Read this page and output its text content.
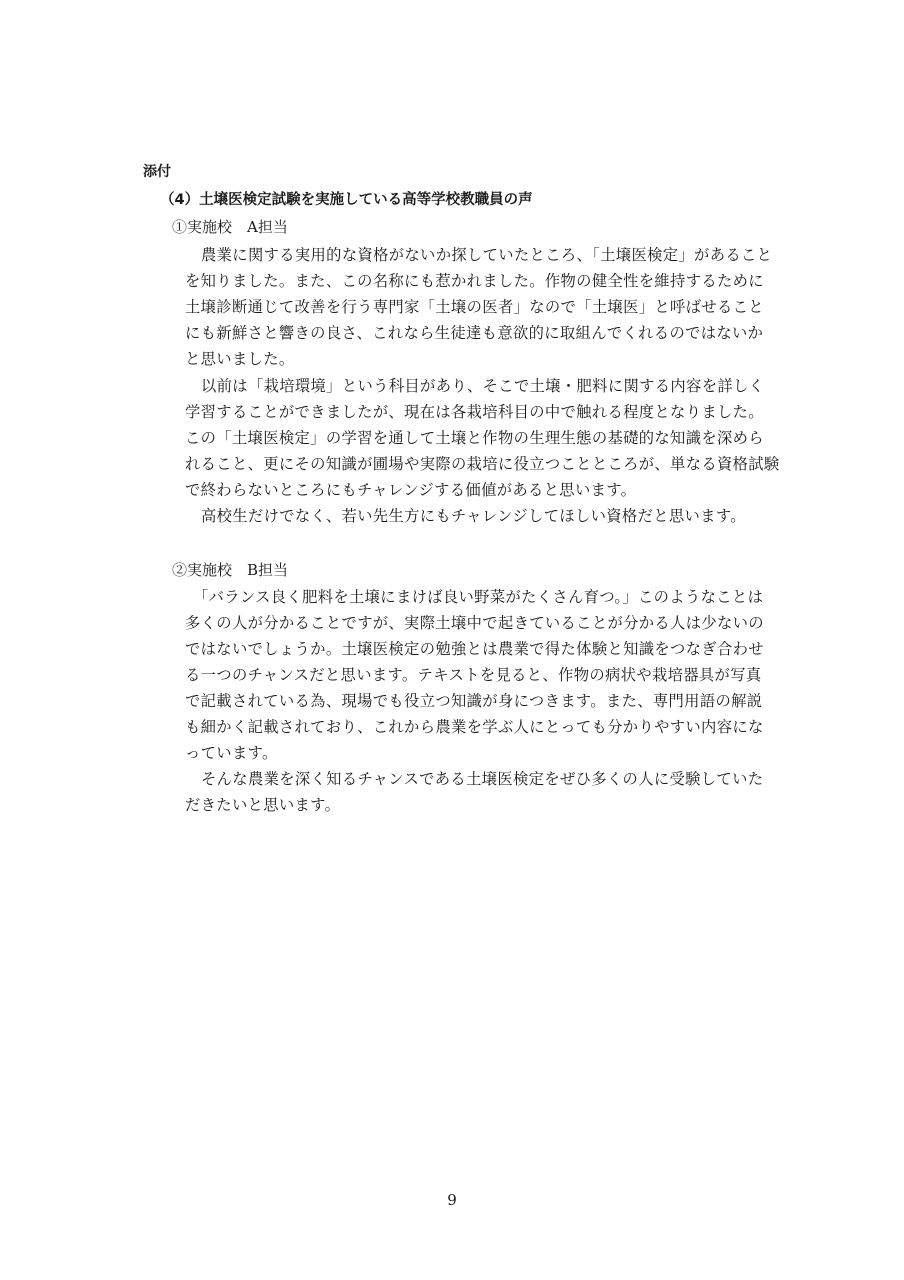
添付
（4）土壌医検定試験を実施している高等学校教職員の声
①実施校　A担当
農業に関する実用的な資格がないか探していたところ、「土壌医検定」があること
を知りました。また、この名称にも惹かれました。作物の健全性を維持するために
土壌診断通じて改善を行う専門家「土壌の医者」なので「土壌医」と呼ばせること
にも新鮮さと響きの良さ、これなら生徒達も意欲的に取組んでくれるのではないか
と思いました。
以前は「栽培環境」という科目があり、そこで土壌・肥料に関する内容を詳しく
学習することができましたが、現在は各栽培科目の中で触れる程度となりました。
この「土壌医検定」の学習を通して土壌と作物の生理生態の基礎的な知識を深めら
れること、更にその知識が圃場や実際の栽培に役立つことところが、単なる資格試験
で終わらないところにもチャレンジする価値があると思います。
高校生だけでなく、若い先生方にもチャレンジしてほしい資格だと思います。
②実施校　B担当
「バランス良く肥料を土壌にまけば良い野菜がたくさん育つ。」このようなことは
多くの人が分かることですが、実際土壌中で起きていることが分かる人は少ないの
ではないでしょうか。土壌医検定の勉強とは農業で得た体験と知識をつなぎ合わせ
る一つのチャンスだと思います。テキストを見ると、作物の病状や栽培器具が写真
で記載されている為、現場でも役立つ知識が身につきます。また、専門用語の解説
も細かく記載されており、これから農業を学ぶ人にとっても分かりやすい内容にな
っています。
そんな農業を深く知るチャンスである土壌医検定をぜひ多くの人に受験していた
だきたいと思います。
9
